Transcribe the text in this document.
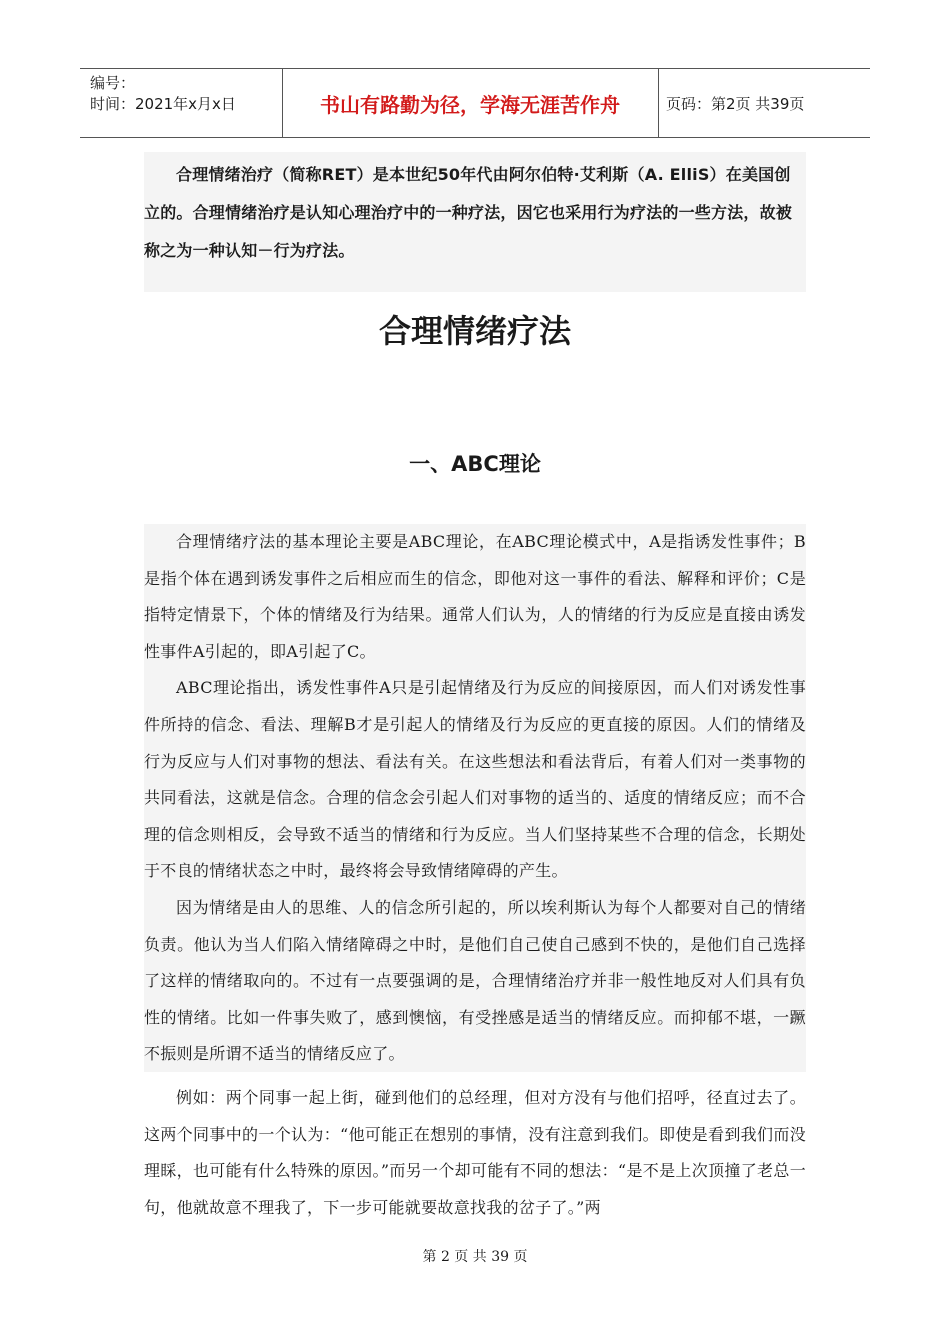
编号：
时间：2021年x月x日	书山有路勤为径，学海无涯苦作舟	页码：第2页 共39页

合理情绪治疗（简称RET）是本世纪50年代由阿尔伯特·艾利斯（A. ElliS）在美国创立的。合理情绪治疗是认知心理治疗中的一种疗法，因它也采用行为疗法的一些方法，故被称之为一种认知－行为疗法。

合理情绪疗法
一、ABC理论

合理情绪疗法的基本理论主要是ABC理论，在ABC理论模式中，A是指诱发性事件；B是指个体在遇到诱发事件之后相应而生的信念，即他对这一事件的看法、解释和评价；C是指特定情景下，个体的情绪及行为结果。通常人们认为，人的情绪的行为反应是直接由诱发性事件A引起的，即A引起了C。

ABC理论指出，诱发性事件A只是引起情绪及行为反应的间接原因，而人们对诱发性事件所持的信念、看法、理解B才是引起人的情绪及行为反应的更直接的原因。人们的情绪及行为反应与人们对事物的想法、看法有关。在这些想法和看法背后，有着人们对一类事物的共同看法，这就是信念。合理的信念会引起人们对事物的适当的、适度的情绪反应；而不合理的信念则相反，会导致不适当的情绪和行为反应。当人们坚持某些不合理的信念，长期处于不良的情绪状态之中时，最终将会导致情绪障碍的产生。

因为情绪是由人的思维、人的信念所引起的，所以埃利斯认为每个人都要对自己的情绪负责。他认为当人们陷入情绪障碍之中时，是他们自己使自己感到不快的，是他们自己选择了这样的情绪取向的。不过有一点要强调的是，合理情绪治疗并非一般性地反对人们具有负性的情绪。比如一件事失败了，感到懊恼，有受挫感是适当的情绪反应。而抑郁不堪，一蹶不振则是所谓不适当的情绪反应了。

例如：两个同事一起上街，碰到他们的总经理，但对方没有与他们招呼，径直过去了。这两个同事中的一个认为：“他可能正在想别的事情，没有注意到我们。即使是看到我们而没理睬，也可能有什么特殊的原因。”而另一个却可能有不同的想法：“是不是上次顶撞了老总一句，他就故意不理我了，下一步可能就要故意找我的岔子了。”两

第 2 页 共 39 页
